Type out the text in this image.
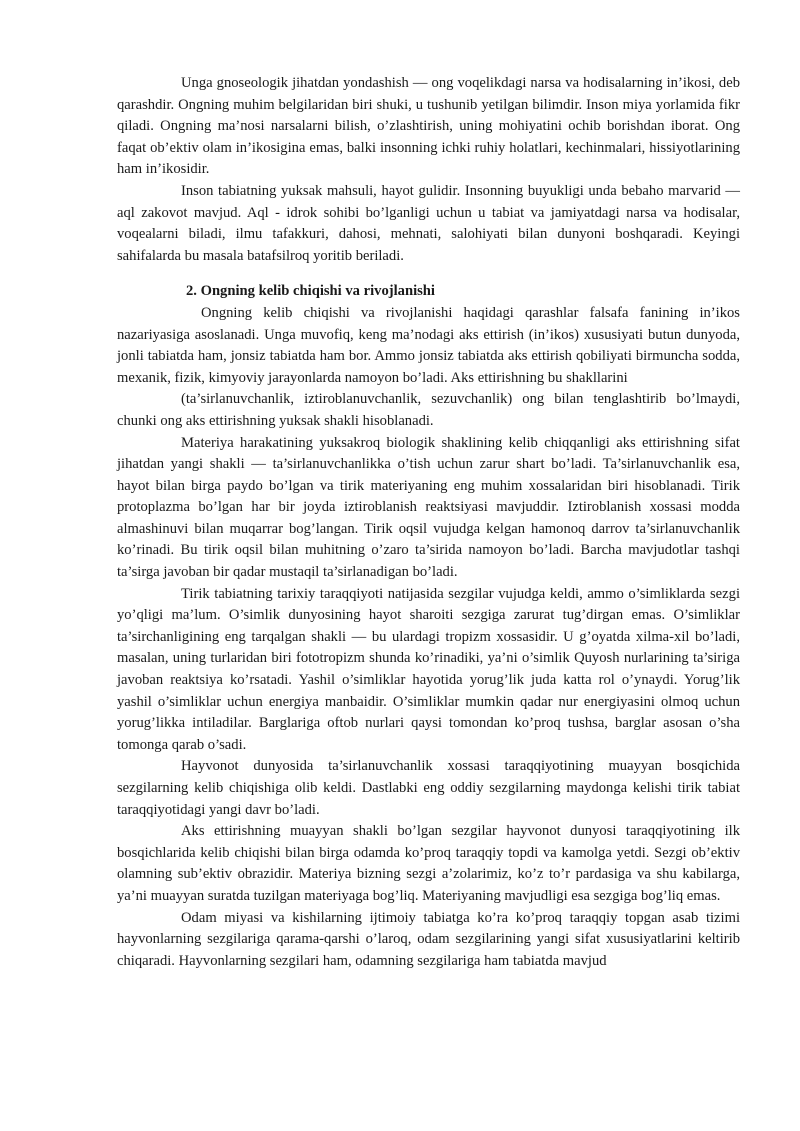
Unga gnoseologik jihatdan yondashish — ong voqelikdagi narsa va hodisalarning in’ikosi, deb qarashdir. Ongning muhim belgilaridan biri shuki, u tushunib yetilgan bilimdir. Inson miya yorlamida fikr qiladi. Ongning ma’nosi narsalarni bilish, o’zlashtirish, uning mohiyatini ochib borishdan iborat. Ong faqat ob’ektiv olam in’ikosigina emas, balki insonning ichki ruhiy holatlari, kechinmalari, hissiyotlarining ham in’ikosidir.

Inson tabiatning yuksak mahsuli, hayot gulidir. Insonning buyukligi unda bebaho marvarid — aql zakovot mavjud. Aql - idrok sohibi bo’lganligi uchun u tabiat va jamiyatdagi narsa va hodisalar, voqealarni biladi, ilmu tafakkuri, dahosi, mehnati, salohiyati bilan dunyoni boshqaradi. Keyingi sahifalarda bu masala batafsilroq yoritib beriladi.

2. Ongning kelib chiqishi va rivojlanishi

Ongning kelib chiqishi va rivojlanishi haqidagi qarashlar falsafa fanining in’ikos nazariyasiga asoslanadi. Unga muvofiq, keng ma’nodagi aks ettirish (in’ikos) xususiyati butun dunyoda, jonli tabiatda ham, jonsiz tabiatda ham bor. Ammo jonsiz tabiatda aks ettirish qobiliyati birmuncha sodda, mexanik, fizik, kimyoviy jarayonlarda namoyon bo’ladi. Aks ettirishning bu shakllarini

(ta’sirlanuvchanlik, iztiroblanuvchanlik, sezuvchanlik) ong bilan tenglashtirib bo’lmaydi, chunki ong aks ettirishning yuksak shakli hisoblanadi.

Materiya harakatining yuksakroq biologik shaklining kelib chiqqanligi aks ettirishning sifat jihatdan yangi shakli — ta’sirlanuvchanlikka o’tish uchun zarur shart bo’ladi. Ta’sirlanuvchanlik esa, hayot bilan birga paydo bo’lgan va tirik materiyaning eng muhim xossalaridan biri hisoblanadi. Tirik protoplazma bo’lgan har bir joyda iztiroblanish reaktsiyasi mavjuddir. Iztiroblanish xossasi modda almashinuvi bilan muqarrar bog’langan. Tirik oqsil vujudga kelgan hamonoq darrov ta’sirlanuvchanlik ko’rinadi. Bu tirik oqsil bilan muhitning o’zaro ta’sirida namoyon bo’ladi. Barcha mavjudotlar tashqi ta’sirga javoban bir qadar mustaqil ta’sirlanadigan bo’ladi.

Tirik tabiatning tarixiy taraqqiyoti natijasida sezgilar vujudga keldi, ammo o’simliklarda sezgi yo’qligi ma’lum. O’simlik dunyosining hayot sharoiti sezgiga zarurat tug’dirgan emas. O’simliklar ta’sirchanligining eng tarqalgan shakli — bu ulardagi tropizm xossasidir. U g’oyatda xilma-xil bo’ladi, masalan, uning turlaridan biri fototropizm shunda ko’rinadiki, ya’ni o’simlik Quyosh nurlarining ta’siriga javoban reaktsiya ko’rsatadi. Yashil o’simliklar hayotida yorug’lik juda katta rol o’ynaydi. Yorug’lik yashil o’simliklar uchun energiya manbaidir. O’simliklar mumkin qadar nur energiyasini olmoq uchun yorug’likka intiladilar. Barglariga oftob nurlari qaysi tomondan ko’proq tushsa, barglar asosan o’sha tomonga qarab o’sadi.

Hayvonot dunyosida ta’sirlanuvchanlik xossasi taraqqiyotining muayyan bosqichida sezgilarning kelib chiqishiga olib keldi. Dastlabki eng oddiy sezgilarning maydonga kelishi tirik tabiat taraqqiyotidagi yangi davr bo’ladi.

Aks ettirishning muayyan shakli bo’lgan sezgilar hayvonot dunyosi taraqqiyotining ilk bosqichlarida kelib chiqishi bilan birga odamda ko’proq taraqqiy topdi va kamolga yetdi. Sezgi ob’ektiv olamning sub’ektiv obrazidir. Materiya bizning sezgi a’zolarimiz, ko’z to’r pardasiga va shu kabilarga, ya’ni muayyan suratda tuzilgan materiyaga bog’liq. Materiyaning mavjudligi esa sezgiga bog’liq emas.

Odam miyasi va kishilarning ijtimoiy tabiatga ko’ra ko’proq taraqqiy topgan asab tizimi hayvonlarning sezgilariga qarama-qarshi o’laroq, odam sezgilarining yangi sifat xususiyatlarini keltirib chiqaradi. Hayvonlarning sezgilari ham, odamning sezgilariga ham tabiatda mavjud
